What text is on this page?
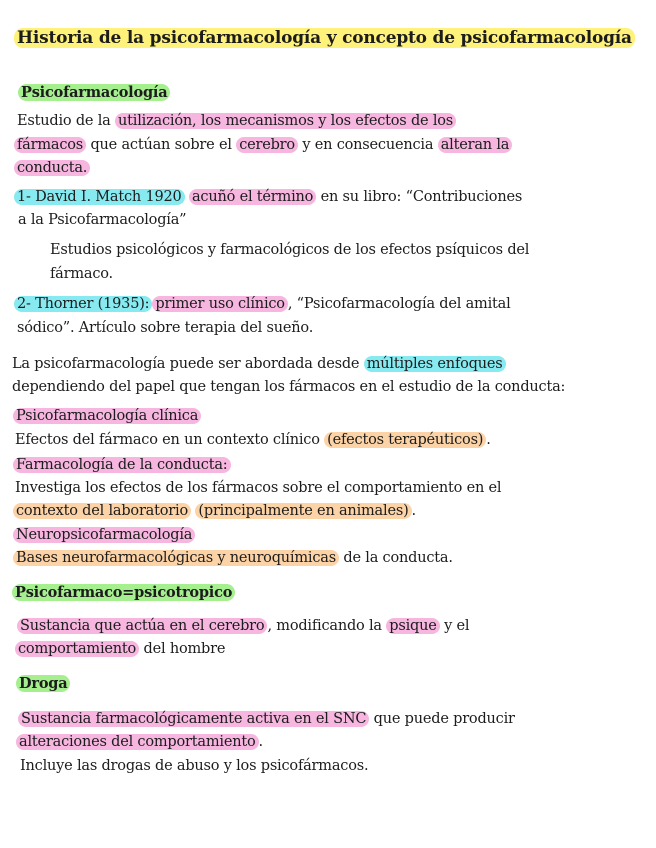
Historia de la psicofarmacología y concepto de psicofarmacología
Psicofarmacología
Estudio de la utilización, los mecanismos y los efectos de los
fármacos que actúan sobre el cerebro y en consecuencia alteran la
conducta.
1- David I. Match 1920 acuñó el término en su libro: “Contribuciones
a la Psicofarmacología”
Estudios psicológicos y farmacológicos de los efectos psíquicos del
fármaco.
2- Thorner (1935): primer uso clínico , “Psicofarmacología del amital
sódico”. Artículo sobre terapia del sueño.
La psicofarmacología puede ser abordada desde múltiples enfoques
dependiendo del papel que tengan los fármacos en el estudio de la conducta:
Psicofarmacología clínica
Efectos del fármaco en un contexto clínico (efectos terapéuticos) .
Farmacología de la conducta:
Investiga los efectos de los fármacos sobre el comportamiento en el
contexto del laboratorio (principalmente en animales) .
Neuropsicofarmacología
Bases neurofarmacológicas y neuroquímicas de la conducta.
Psicofarmaco=psicotropico
Sustancia que actúa en el cerebro , modificando la psique y el
comportamiento del hombre
Droga
Sustancia farmacológicamente activa en el SNC que puede producir
alteraciones del comportamiento .
Incluye las drogas de abuso y los psicofármacos.
